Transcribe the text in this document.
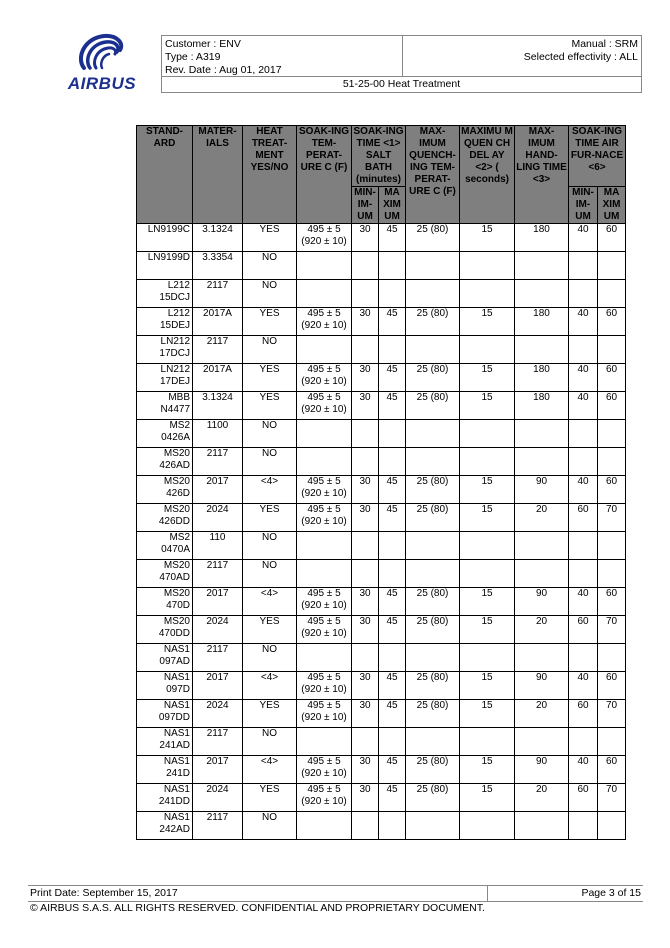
AIRBUS
Customer : ENV
Type : A319
Rev. Date : Aug 01, 2017
Manual : SRM
Selected effectivity : ALL
51-25-00 Heat Treatment
STAND-ARD	MATER-IALS	HEAT TREAT-MENT YES/NO	SOAK-ING TEM-PERAT-URE C (F)	SOAK-ING TIME <1> SALT BATH (minutes)		MAX-IMUM QUENCH-ING TEM-PERAT-URE C (F)	MAXIMU M QUEN CH DEL AY <2> ( seconds)	MAX-IMUM HAND-LING TIME <3>	SOAK-ING TIME AIR FUR-NACE <6>	
				MIN-IM-UM	MA XIM UM				MIN-IM-UM	MA XIM UM
LN9199C	3.1324	YES	495 ± 5 (920 ± 10)	30	45	25 (80)	15	180	40	60
LN9199D	3.3354	NO								
L212 15DCJ	2117	NO								
L212 15DEJ	2017A	YES	495 ± 5 (920 ± 10)	30	45	25 (80)	15	180	40	60
LN212 17DCJ	2117	NO								
LN212 17DEJ	2017A	YES	495 ± 5 (920 ± 10)	30	45	25 (80)	15	180	40	60
MBB N4477	3.1324	YES	495 ± 5 (920 ± 10)	30	45	25 (80)	15	180	40	60
MS2 0426A	1100	NO								
MS20 426AD	2117	NO								
MS20 426D	2017	<4>	495 ± 5 (920 ± 10)	30	45	25 (80)	15	90	40	60
MS20 426DD	2024	YES	495 ± 5 (920 ± 10)	30	45	25 (80)	15	20	60	70
MS2 0470A	110	NO								
MS20 470AD	2117	NO								
MS20 470D	2017	<4>	495 ± 5 (920 ± 10)	30	45	25 (80)	15	90	40	60
MS20 470DD	2024	YES	495 ± 5 (920 ± 10)	30	45	25 (80)	15	20	60	70
NAS1 097AD	2117	NO								
NAS1 097D	2017	<4>	495 ± 5 (920 ± 10)	30	45	25 (80)	15	90	40	60
NAS1 097DD	2024	YES	495 ± 5 (920 ± 10)	30	45	25 (80)	15	20	60	70
NAS1 241AD	2117	NO								
NAS1 241D	2017	<4>	495 ± 5 (920 ± 10)	30	45	25 (80)	15	90	40	60
NAS1 241DD	2024	YES	495 ± 5 (920 ± 10)	30	45	25 (80)	15	20	60	70
NAS1 242AD	2117	NO								
Print Date: September 15, 2017	Page 3 of 15
© AIRBUS S.A.S. ALL RIGHTS RESERVED. CONFIDENTIAL AND PROPRIETARY DOCUMENT.
